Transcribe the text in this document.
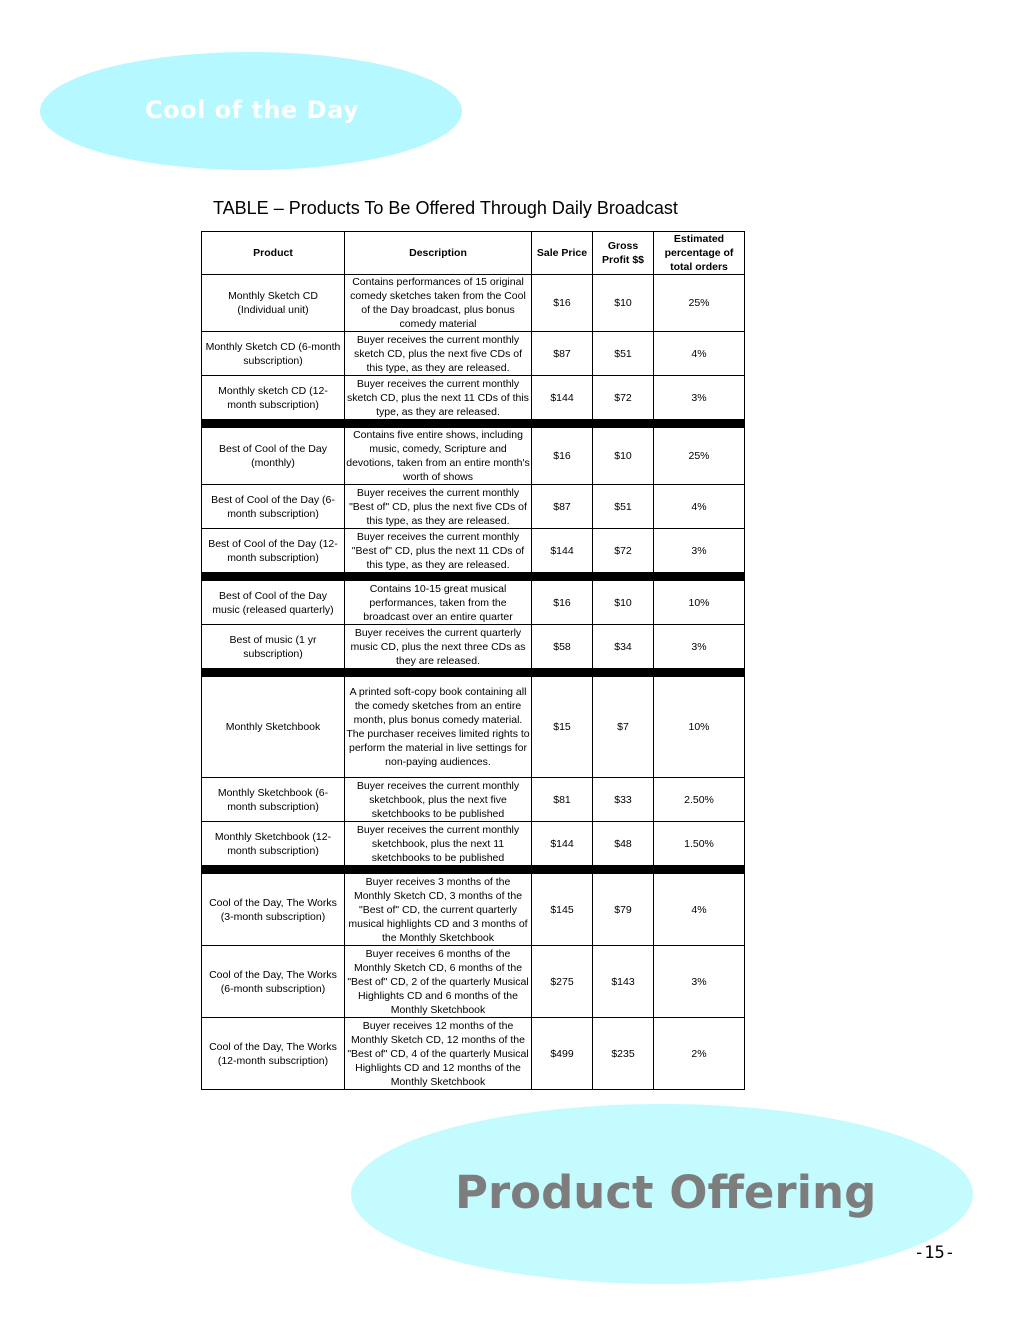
Cool of the Day
TABLE – Products To Be Offered Through Daily Broadcast
Product	Description	Sale Price	Gross Profit $$	Estimated percentage of total orders
Monthly Sketch CD (Individual unit)	Contains performances of 15 original comedy sketches taken from the Cool of the Day broadcast, plus bonus comedy material	$16	$10	25%
Monthly Sketch CD (6-month subscription)	Buyer receives the current monthly sketch CD, plus the next five CDs of this type, as they are released.	$87	$51	4%
Monthly sketch CD (12-month subscription)	Buyer receives the current monthly sketch CD, plus the next 11 CDs of this type, as they are released.	$144	$72	3%

Best of Cool of the Day (monthly)	Contains five entire shows, including music, comedy, Scripture and devotions, taken from an entire month's worth of shows	$16	$10	25%
Best of Cool of the Day (6-month subscription)	Buyer receives the current monthly "Best of" CD, plus the next five CDs of this type, as they are released.	$87	$51	4%
Best of Cool of the Day (12-month subscription)	Buyer receives the current monthly "Best of" CD, plus the next 11 CDs of this type, as they are released.	$144	$72	3%

Best of Cool of the Day music (released quarterly)	Contains 10-15 great musical performances, taken from the broadcast over an entire quarter	$16	$10	10%
Best of music (1 yr subscription)	Buyer receives the current quarterly music CD, plus the next three CDs as they are released.	$58	$34	3%

Monthly Sketchbook	A printed soft-copy book containing all the comedy sketches from an entire month, plus bonus comedy material. The purchaser receives limited rights to perform the material in live settings for non-paying audiences.	$15	$7	10%
Monthly Sketchbook (6-month subscription)	Buyer receives the current monthly sketchbook, plus the next five sketchbooks to be published	$81	$33	2.50%
Monthly Sketchbook (12-month subscription)	Buyer receives the current monthly sketchbook, plus the next 11 sketchbooks to be published	$144	$48	1.50%

Cool of the Day, The Works (3-month subscription)	Buyer receives 3 months of the Monthly Sketch CD, 3 months of the "Best of" CD, the current quarterly musical highlights CD and 3 months of the Monthly Sketchbook	$145	$79	4%
Cool of the Day, The Works (6-month subscription)	Buyer receives 6 months of the Monthly Sketch CD, 6 months of the "Best of" CD, 2 of the quarterly Musical Highlights CD and 6 months of the Monthly Sketchbook	$275	$143	3%
Cool of the Day, The Works (12-month subscription)	Buyer receives 12 months of the Monthly Sketch CD, 12 months of the "Best of" CD, 4 of the quarterly Musical Highlights CD and 12 months of the Monthly Sketchbook	$499	$235	2%
Product Offering
-15-
